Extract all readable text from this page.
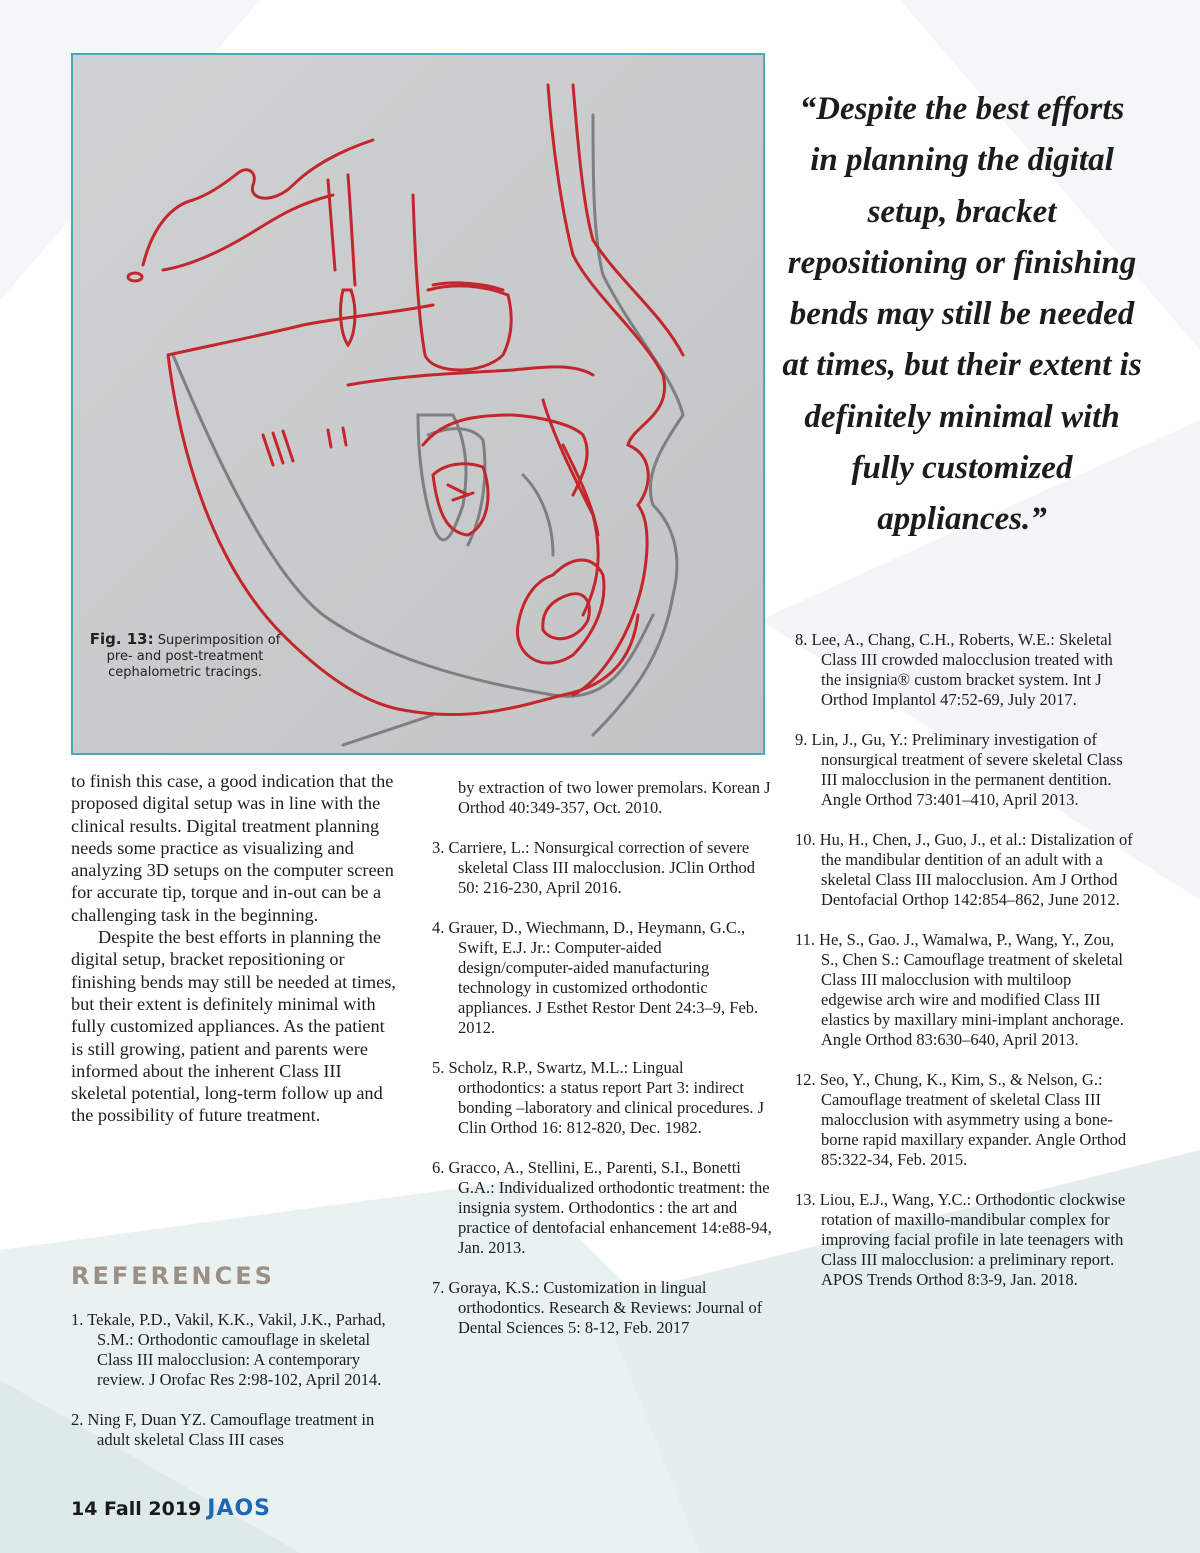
Fig. 13: Superimposition of pre- and post-treatment cephalometric tracings.
“Despite the best efforts in planning the digital setup, bracket repositioning or finishing bends may still be needed at times, but their extent is definitely minimal with fully customized appliances.”

to finish this case, a good indication that the proposed digital setup was in line with the clinical results. Digital treatment planning needs some practice as visualizing and analyzing 3D setups on the computer screen for accurate tip, torque and in-out can be a challenging task in the beginning.

Despite the best efforts in planning the digital setup, bracket repositioning or finishing bends may still be needed at times, but their extent is definitely minimal with fully customized appliances. As the patient is still growing, patient and parents were informed about the inherent Class III skeletal potential, long-term follow up and the possibility of future treatment.

REFERENCES
1. Tekale, P.D., Vakil, K.K., Vakil, J.K., Parhad, S.M.: Orthodontic camouflage in skeletal Class III malocclusion: A contemporary review. J Orofac Res 2:98-102, April 2014.
2. Ning F, Duan YZ. Camouflage treatment in adult skeletal Class III cases
by extraction of two lower premolars. Korean J Orthod 40:349-357, Oct. 2010.
3. Carriere, L.: Nonsurgical correction of severe skeletal Class III malocclusion. JClin Orthod 50: 216-230, April 2016.
4. Grauer, D., Wiechmann, D., Heymann, G.C., Swift, E.J. Jr.: Computer-aided design/computer-aided manufacturing technology in customized orthodontic appliances. J Esthet Restor Dent 24:3–9, Feb. 2012.
5. Scholz, R.P., Swartz, M.L.: Lingual orthodontics: a status report Part 3: indirect bonding –laboratory and clinical procedures. J Clin Orthod 16: 812-820, Dec. 1982.
6. Gracco, A., Stellini, E., Parenti, S.I., Bonetti G.A.: Individualized orthodontic treatment: the insignia system. Orthodontics : the art and practice of dentofacial enhancement 14:e88-94, Jan. 2013.
7. Goraya, K.S.: Customization in lingual orthodontics. Research & Reviews: Journal of Dental Sciences 5: 8-12, Feb. 2017
8. Lee, A., Chang, C.H., Roberts, W.E.: Skeletal Class III crowded malocclusion treated with the insignia® custom bracket system. Int J Orthod Implantol 47:52-69, July 2017.
9. Lin, J., Gu, Y.: Preliminary investigation of nonsurgical treatment of severe skeletal Class III malocclusion in the permanent dentition. Angle Orthod 73:401–410, April 2013.
10. Hu, H., Chen, J., Guo, J., et al.: Distalization of the mandibular dentition of an adult with a skeletal Class III malocclusion. Am J Orthod Dentofacial Orthop 142:854–862, June 2012.
11. He, S., Gao. J., Wamalwa, P., Wang, Y., Zou, S., Chen S.: Camouflage treatment of skeletal Class III malocclusion with multiloop edgewise arch wire and modified Class III elastics by maxillary mini-implant anchorage. Angle Orthod 83:630–640, April 2013.
12. Seo, Y., Chung, K., Kim, S., & Nelson, G.: Camouflage treatment of skeletal Class III malocclusion with asymmetry using a bone-borne rapid maxillary expander. Angle Orthod 85:322-34, Feb. 2015.
13. Liou, E.J., Wang, Y.C.: Orthodontic clockwise rotation of maxillo-mandibular complex for improving facial profile in late teenagers with Class III malocclusion: a preliminary report. APOS Trends Orthod 8:3-9, Jan. 2018.
14 Fall 2019 JAOS
